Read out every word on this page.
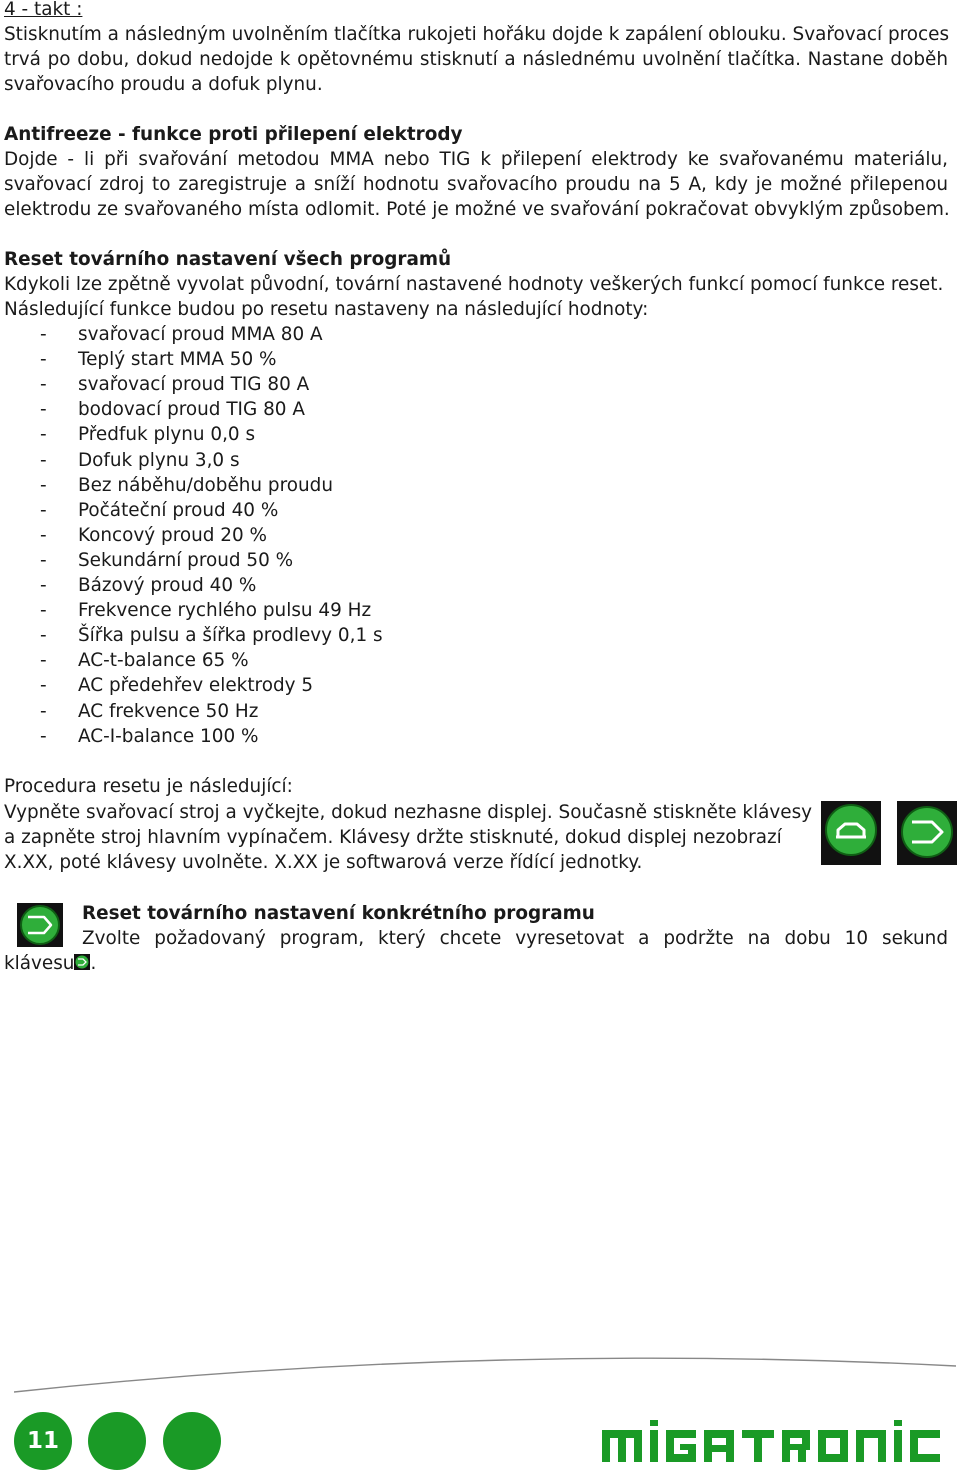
4 - takt :
Stisknutím a následným uvolněním tlačítka rukojeti hořáku dojde k zapálení oblouku. Svařovací proces
trvá po dobu, dokud nedojde k opětovnému stisknutí a následnému uvolnění tlačítka. Nastane doběh
svařovacího proudu a dofuk plynu.
Antifreeze - funkce proti přilepení elektrody
Dojde - li při svařování metodou MMA nebo TIG k přilepení elektrody ke svařovanému materiálu,
svařovací zdroj to zaregistruje a sníží hodnotu svařovacího proudu na 5 A, kdy je možné přilepenou
elektrodu ze svařovaného místa odlomit. Poté je možné ve svařování pokračovat obvyklým způsobem.
Reset továrního nastavení všech programů
Kdykoli lze zpětně vyvolat původní, tovární nastavené hodnoty veškerých funkcí pomocí funkce reset.
Následující funkce budou po resetu nastaveny na následující hodnoty:
- svařovací proud MMA 80 A
- Teplý start MMA 50 %
- svařovací proud TIG 80 A
- bodovací proud TIG 80 A
- Předfuk plynu 0,0 s
- Dofuk plynu 3,0 s
- Bez náběhu/doběhu proudu
- Počáteční proud 40 %
- Koncový proud 20 %
- Sekundární proud 50 %
- Bázový proud 40 %
- Frekvence rychlého pulsu 49 Hz
- Šířka pulsu a šířka prodlevy 0,1 s
- AC-t-balance 65 %
- AC předehřev elektrody 5
- AC frekvence 50 Hz
- AC-I-balance 100 %
Procedura resetu je následující:
Vypněte svařovací stroj a vyčkejte, dokud nezhasne displej. Současně stiskněte klávesy
a zapněte stroj hlavním vypínačem. Klávesy držte stisknuté, dokud displej nezobrazí
X.XX, poté klávesy uvolněte. X.XX je softwarová verze řídící jednotky.
Reset továrního nastavení konkrétního programu
Zvolte požadovaný program, který chcete vyresetovat a podržte na dobu 10 sekund
klávesu .
11
